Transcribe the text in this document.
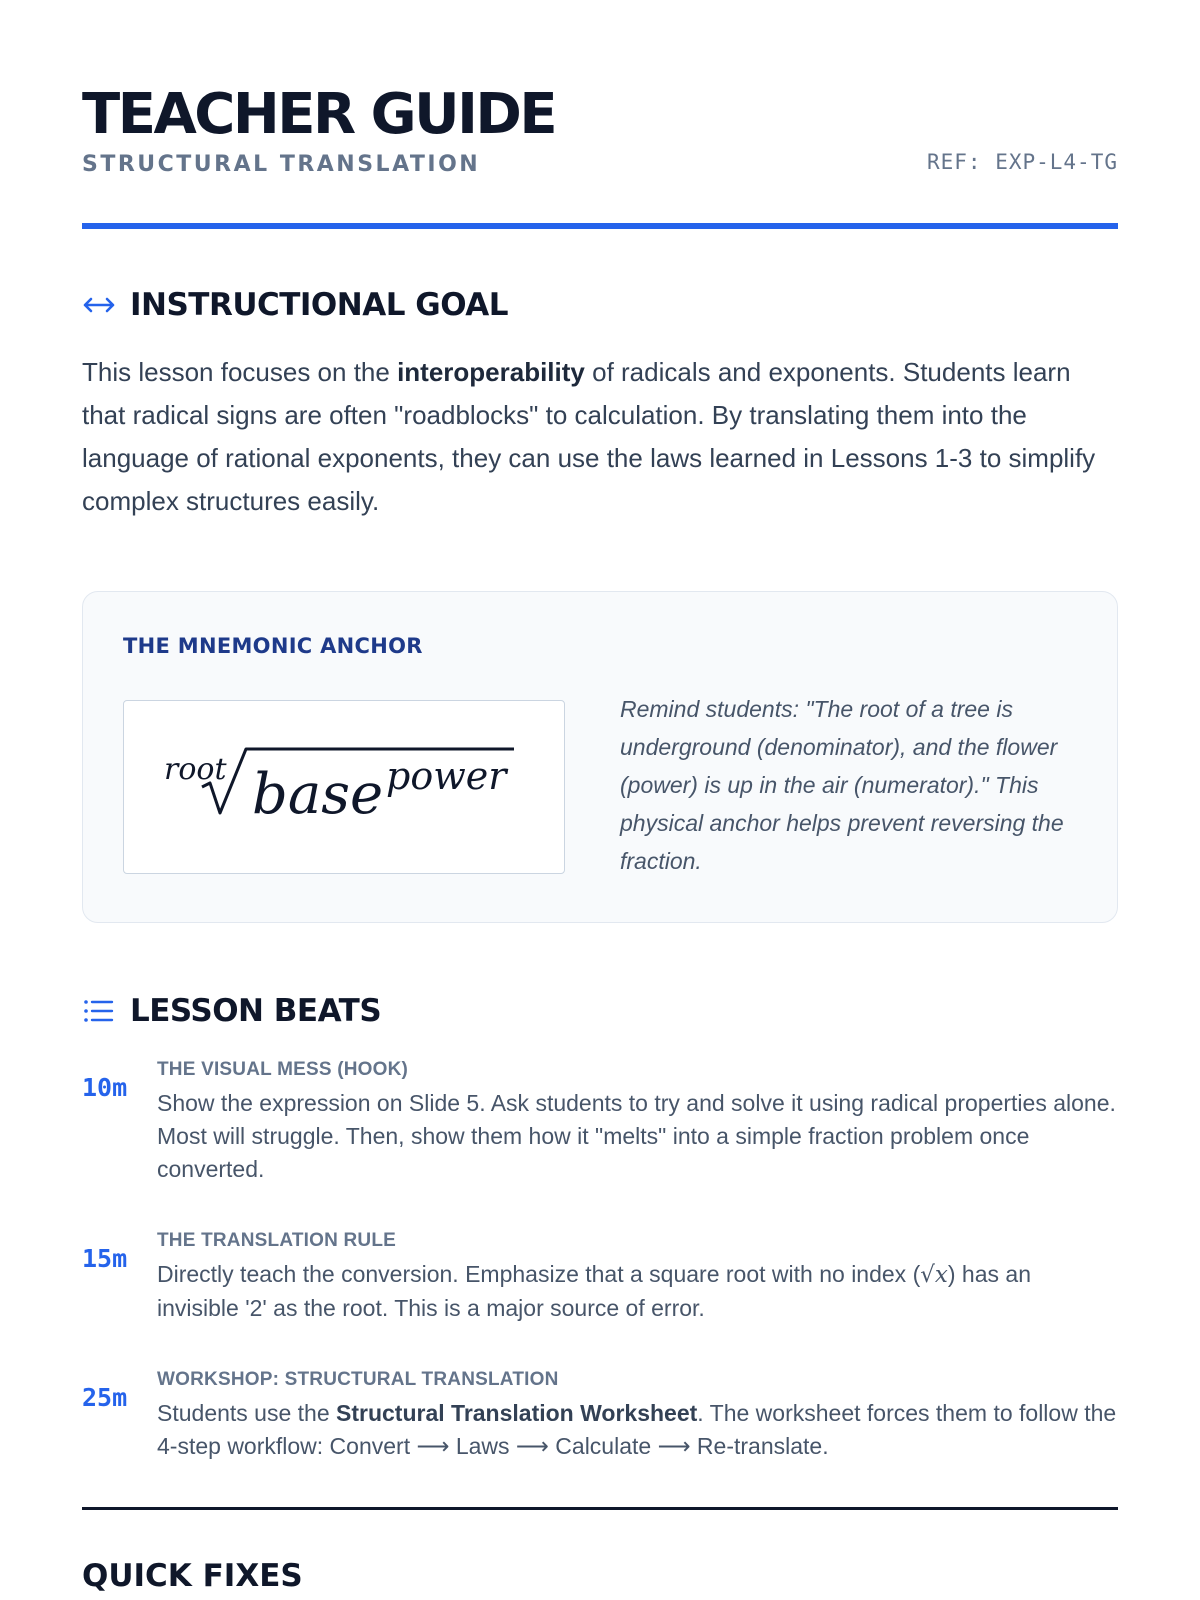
TEACHER GUIDE
STRUCTURAL TRANSLATION	REF: EXP-L4-TG
INSTRUCTIONAL GOAL

This lesson focuses on the interoperability of radicals and exponents. Students learn that radical signs are often "roadblocks" to calculation. By translating them into the language of rational exponents, they can use the laws learned in Lessons 1-3 to simplify complex structures easily.

THE MNEMONIC ANCHOR
root base power
Remind students: "The root of a tree is underground (denominator), and the flower (power) is up in the air (numerator)." This physical anchor helps prevent reversing the fraction.
LESSON BEATS
10m
THE VISUAL MESS (HOOK)
Show the expression on Slide 5. Ask students to try and solve it using radical properties alone. Most will struggle. Then, show them how it "melts" into a simple fraction problem once converted.
15m
THE TRANSLATION RULE
Directly teach the conversion. Emphasize that a square root with no index (√x) has an invisible '2' as the root. This is a major source of error.
25m
WORKSHOP: STRUCTURAL TRANSLATION
Students use the Structural Translation Worksheet. The worksheet forces them to follow the 4-step workflow: Convert ⟶ Laws ⟶ Calculate ⟶ Re-translate.
QUICK FIXES
